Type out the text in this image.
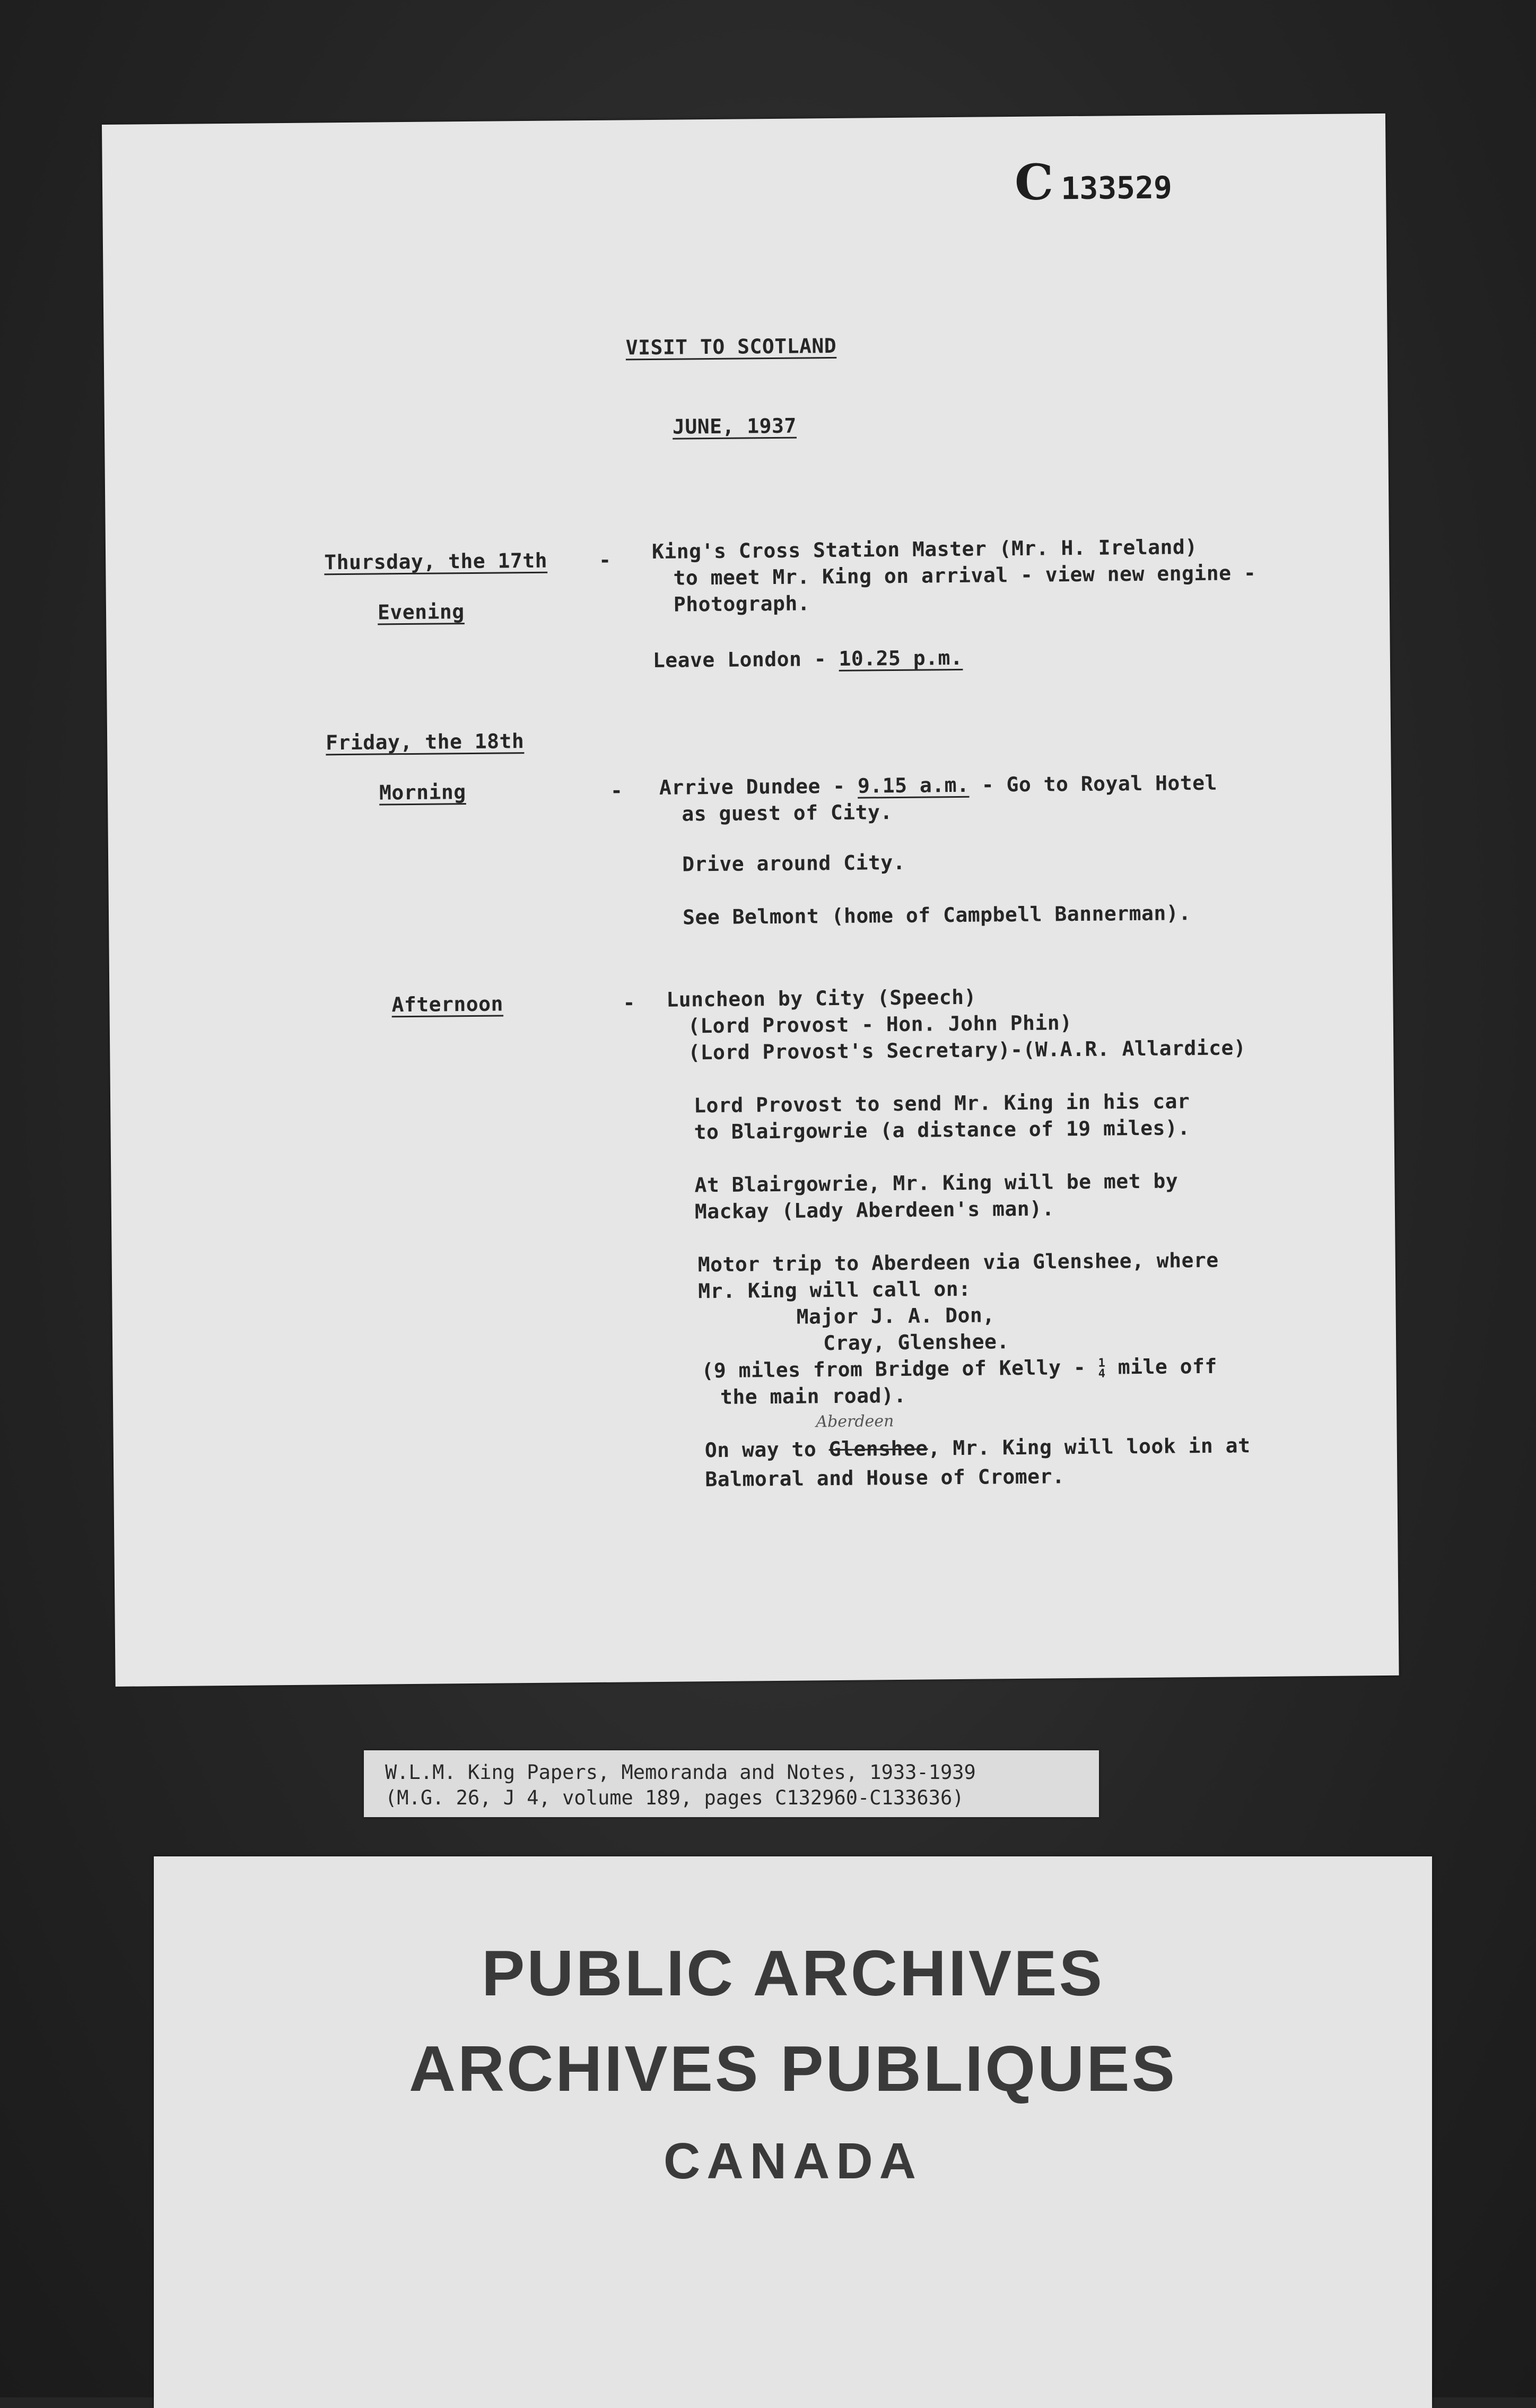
C 133529
VISIT TO SCOTLAND
JUNE, 1937
Thursday, the 17th
Evening
- King's Cross Station Master (Mr. H. Ireland)
to meet Mr. King on arrival - view new engine -
Photograph.
Leave London - 10.25 p.m.
Friday, the 18th
Morning	- Arrive Dundee - 9.15 a.m. - Go to Royal Hotel
as guest of City.
Drive around City.
See Belmont (home of Campbell Bannerman).
Afternoon	- Luncheon by City (Speech)
(Lord Provost - Hon. John Phin)
(Lord Provost's Secretary)-(W.A.R. Allardice)
Lord Provost to send Mr. King in his car
to Blairgowrie (a distance of 19 miles).
At Blairgowrie, Mr. King will be met by
Mackay (Lady Aberdeen's man).
Motor trip to Aberdeen via Glenshee, where
Mr. King will call on:
Major J. A. Don,
Cray, Glenshee.
(9 miles from Bridge of Kelly - 1
4 mile off
the main road).
Aberdeen
On way to Glenshee, Mr. King will look in at
Balmoral and House of Cromer.
W.L.M. King Papers, Memoranda and Notes, 1933-1939
(M.G. 26, J 4, volume 189, pages C132960-C133636)
PUBLIC ARCHIVES
ARCHIVES PUBLIQUES
CANADA
